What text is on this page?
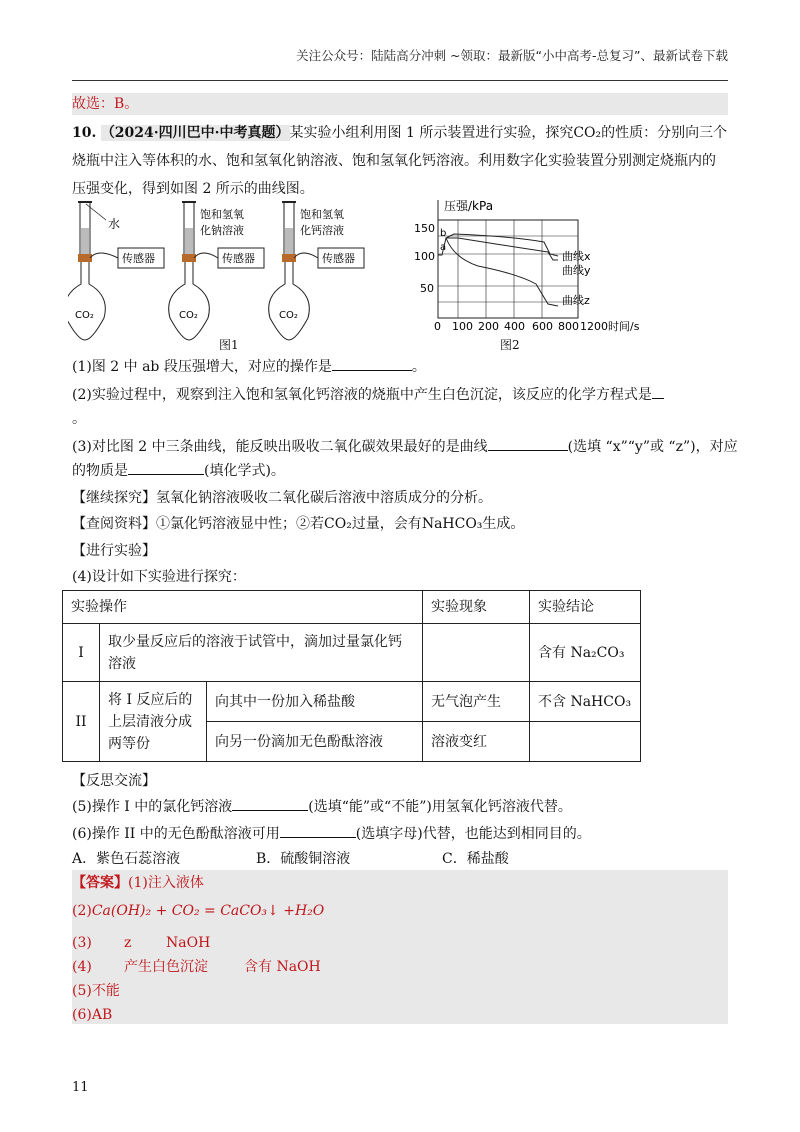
关注公众号：陆陆高分冲刺 ~领取：最新版“小中高考-总复习”、最新试卷下载
故选：B。
10. （2024·四川巴中·中考真题）某实验小组利用图 1 所示装置进行实验，探究CO₂的性质：分别向三个
烧瓶中注入等体积的水、饱和氢氧化钠溶液、饱和氢氧化钙溶液。利用数字化实验装置分别测定烧瓶内的
压强变化，得到如图 2 所示的曲线图。
水
饱和氢氧
化钠溶液
饱和氢氧
化钙溶液
传感器	传感器	传感器
CO₂	CO₂	CO₂
图1
压强/kPa
150
100
50
b
a
曲线x
曲线y
曲线z
0 100 200 400 600 800 1200 时间/s
图2
(1)图 2 中 ab 段压强增大，对应的操作是	。
(2)实验过程中，观察到注入饱和氢氧化钙溶液的烧瓶中产生白色沉淀，该反应的化学方程式是
。
(3)对比图 2 中三条曲线，能反映出吸收二氧化碳效果最好的是曲线	(选填 “x”“y”或 “z”)，对应
的物质是	(填化学式)。
【继续探究】氢氧化钠溶液吸收二氧化碳后溶液中溶质成分的分析。
【查阅资料】①氯化钙溶液显中性；②若CO₂过量，会有NaHCO₃生成。
【进行实验】
(4)设计如下实验进行探究：
实验操作			实验现象	实验结论
I	取少量反应后的溶液于试管中，滴加过量氯化钙溶液			含有 Na₂CO₃
II	将 I 反应后的上层清液分成两等份	向其中一份加入稀盐酸	无气泡产生	不含 NaHCO₃
		向另一份滴加无色酚酞溶液	溶液变红	
【反思交流】
(5)操作 I 中的氯化钙溶液	(选填“能”或“不能”)用氢氧化钙溶液代替。
(6)操作 II 中的无色酚酞溶液可用	(选填字母)代替，也能达到相同目的。
A．紫色石蕊溶液	B．硫酸铜溶液	C．稀盐酸
【答案】(1)注入液体
(2)Ca(OH)₂ + CO₂ = CaCO₃↓ +H₂O
(3) z NaOH
(4) 产生白色沉淀	含有 NaOH
(5)不能
(6)AB
11
